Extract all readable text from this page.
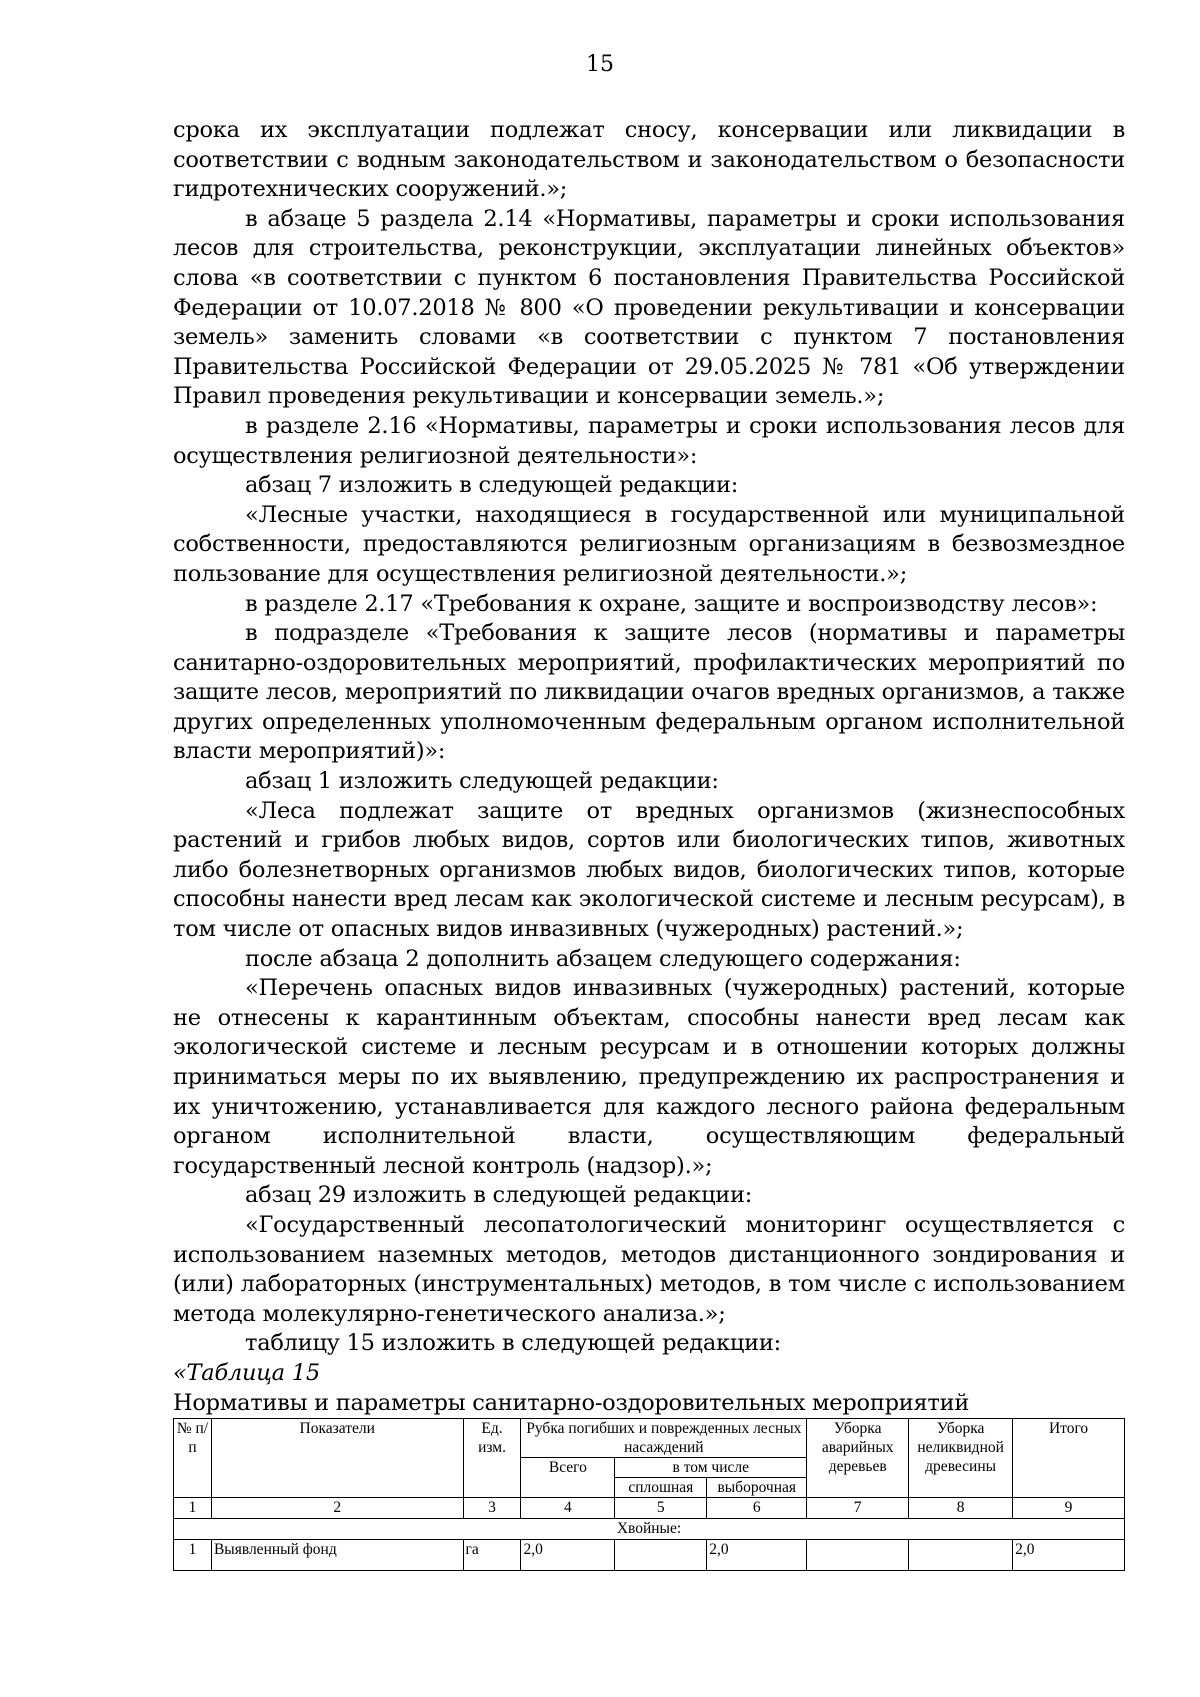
15

срока их эксплуатации подлежат сносу, консервации или ликвидации в соответствии с водным законодательством и законодательством о безопасности гидротехнических сооружений.»;

в абзаце 5 раздела 2.14 «Нормативы, параметры и сроки использования лесов для строительства, реконструкции, эксплуатации линейных объектов» слова «в соответствии с пунктом 6 постановления Правительства Российской Федерации от 10.07.2018 № 800 «О проведении рекультивации и консервации земель» заменить словами «в соответствии с пунктом 7 постановления Правительства Российской Федерации от 29.05.2025 № 781 «Об утверждении Правил проведения рекультивации и консервации земель.»;

в разделе 2.16 «Нормативы, параметры и сроки использования лесов для осуществления религиозной деятельности»:

абзац 7 изложить в следующей редакции:

«Лесные участки, находящиеся в государственной или муниципальной собственности, предоставляются религиозным организациям в безвозмездное пользование для осуществления религиозной деятельности.»;

в разделе 2.17 «Требования к охране, защите и воспроизводству лесов»:

в подразделе «Требования к защите лесов (нормативы и параметры санитарно-оздоровительных мероприятий, профилактических мероприятий по защите лесов, мероприятий по ликвидации очагов вредных организмов, а также других определенных уполномоченным федеральным органом исполнительной власти мероприятий)»:

абзац 1 изложить следующей редакции:

«Леса подлежат защите от вредных организмов (жизнеспособных растений и грибов любых видов, сортов или биологических типов, животных либо болезнетворных организмов любых видов, биологических типов, которые способны нанести вред лесам как экологической системе и лесным ресурсам), в том числе от опасных видов инвазивных (чужеродных) растений.»;

после абзаца 2 дополнить абзацем следующего содержания:

«Перечень опасных видов инвазивных (чужеродных) растений, которые не отнесены к карантинным объектам, способны нанести вред лесам как экологической системе и лесным ресурсам и в отношении которых должны приниматься меры по их выявлению, предупреждению их распространения и их уничтожению, устанавливается для каждого лесного района федеральным органом исполнительной власти, осуществляющим федеральный государственный лесной контроль (надзор).»;

абзац 29 изложить в следующей редакции:

«Государственный лесопатологический мониторинг осуществляется с использованием наземных методов, методов дистанционного зондирования и (или) лабораторных (инструментальных) методов, в том числе с использованием метода молекулярно-генетического анализа.»;

таблицу 15 изложить в следующей редакции:

«Таблица 15

Нормативы и параметры санитарно-оздоровительных мероприятий

№ п/п	Показатели	Ед. изм.	Рубка погибших и поврежденных лесных насаждений			Уборка аварийных деревьев	Уборка неликвидной древесины	Итого
			Всего	в том числе				
				сплошная	выборочная			
1	2	3	4	5	6	7	8	9
Хвойные:								
1	Выявленный фонд	га	2,0		2,0			2,0
